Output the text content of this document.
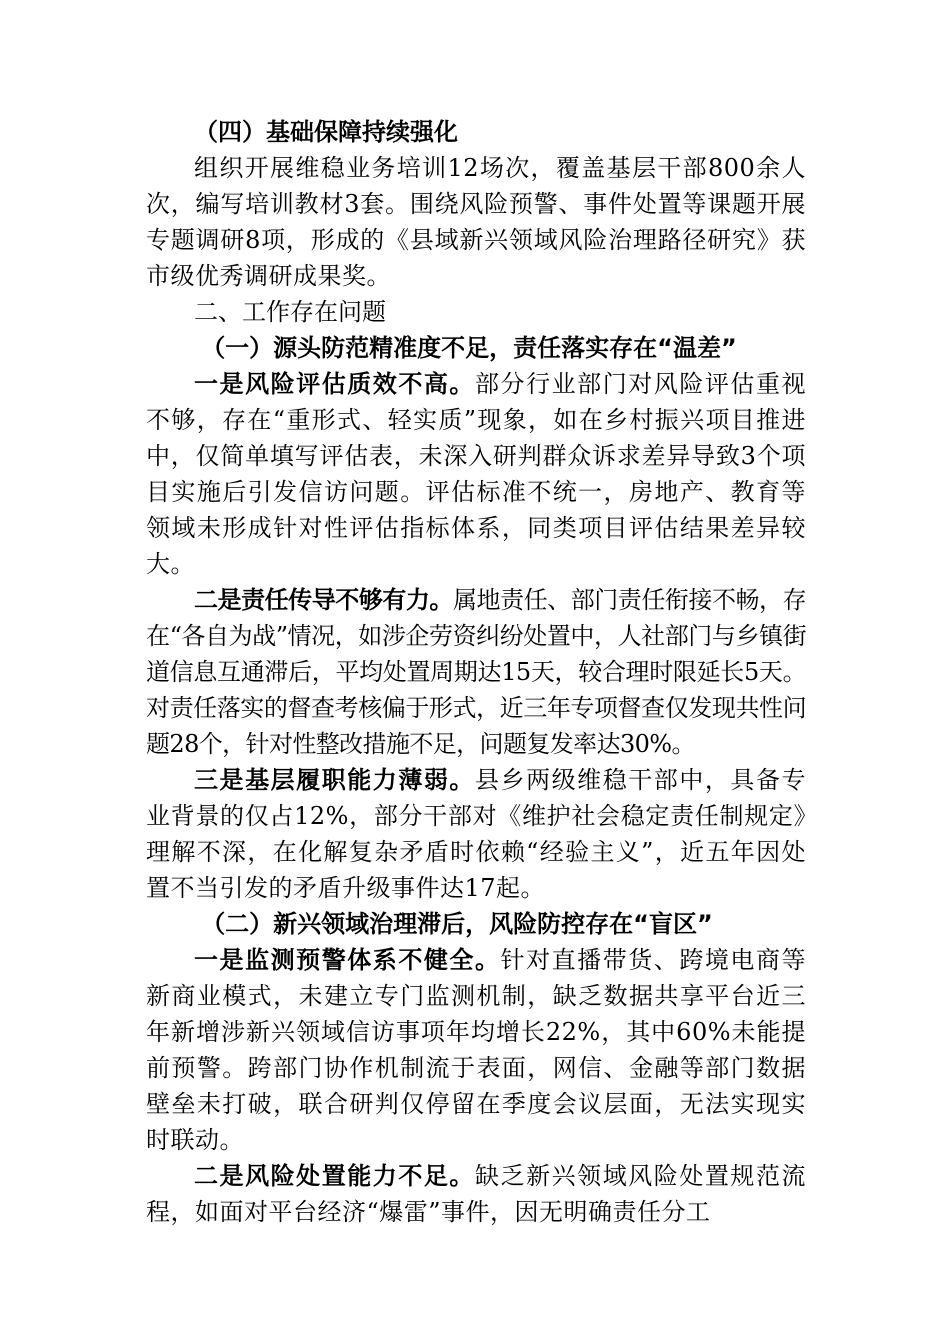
（四）基础保障持续强化

组织开展维稳业务培训12场次，覆盖基层干部800余人次，编写培训教材3套。围绕风险预警、事件处置等课题开展专题调研8项，形成的《县域新兴领域风险治理路径研究》获市级优秀调研成果奖。

二、工作存在问题

（一）源头防范精准度不足，责任落实存在“温差”

一是风险评估质效不高。部分行业部门对风险评估重视不够，存在“重形式、轻实质”现象，如在乡村振兴项目推进中，仅简单填写评估表，未深入研判群众诉求差异导致3个项目实施后引发信访问题。评估标准不统一，房地产、教育等领域未形成针对性评估指标体系，同类项目评估结果差异较大。

二是责任传导不够有力。属地责任、部门责任衔接不畅，存在“各自为战”情况，如涉企劳资纠纷处置中，人社部门与乡镇街道信息互通滞后，平均处置周期达15天，较合理时限延长5天。对责任落实的督查考核偏于形式，近三年专项督查仅发现共性问题28个，针对性整改措施不足，问题复发率达30%。

三是基层履职能力薄弱。县乡两级维稳干部中，具备专业背景的仅占12%，部分干部对《维护社会稳定责任制规定》理解不深，在化解复杂矛盾时依赖“经验主义”，近五年因处置不当引发的矛盾升级事件达17起。

（二）新兴领域治理滞后，风险防控存在“盲区”

一是监测预警体系不健全。针对直播带货、跨境电商等新商业模式，未建立专门监测机制，缺乏数据共享平台近三年新增涉新兴领域信访事项年均增长22%，其中60%未能提前预警。跨部门协作机制流于表面，网信、金融等部门数据壁垒未打破，联合研判仅停留在季度会议层面，无法实现实时联动。

二是风险处置能力不足。缺乏新兴领域风险处置规范流程，如面对平台经济“爆雷”事件，因无明确责任分工
